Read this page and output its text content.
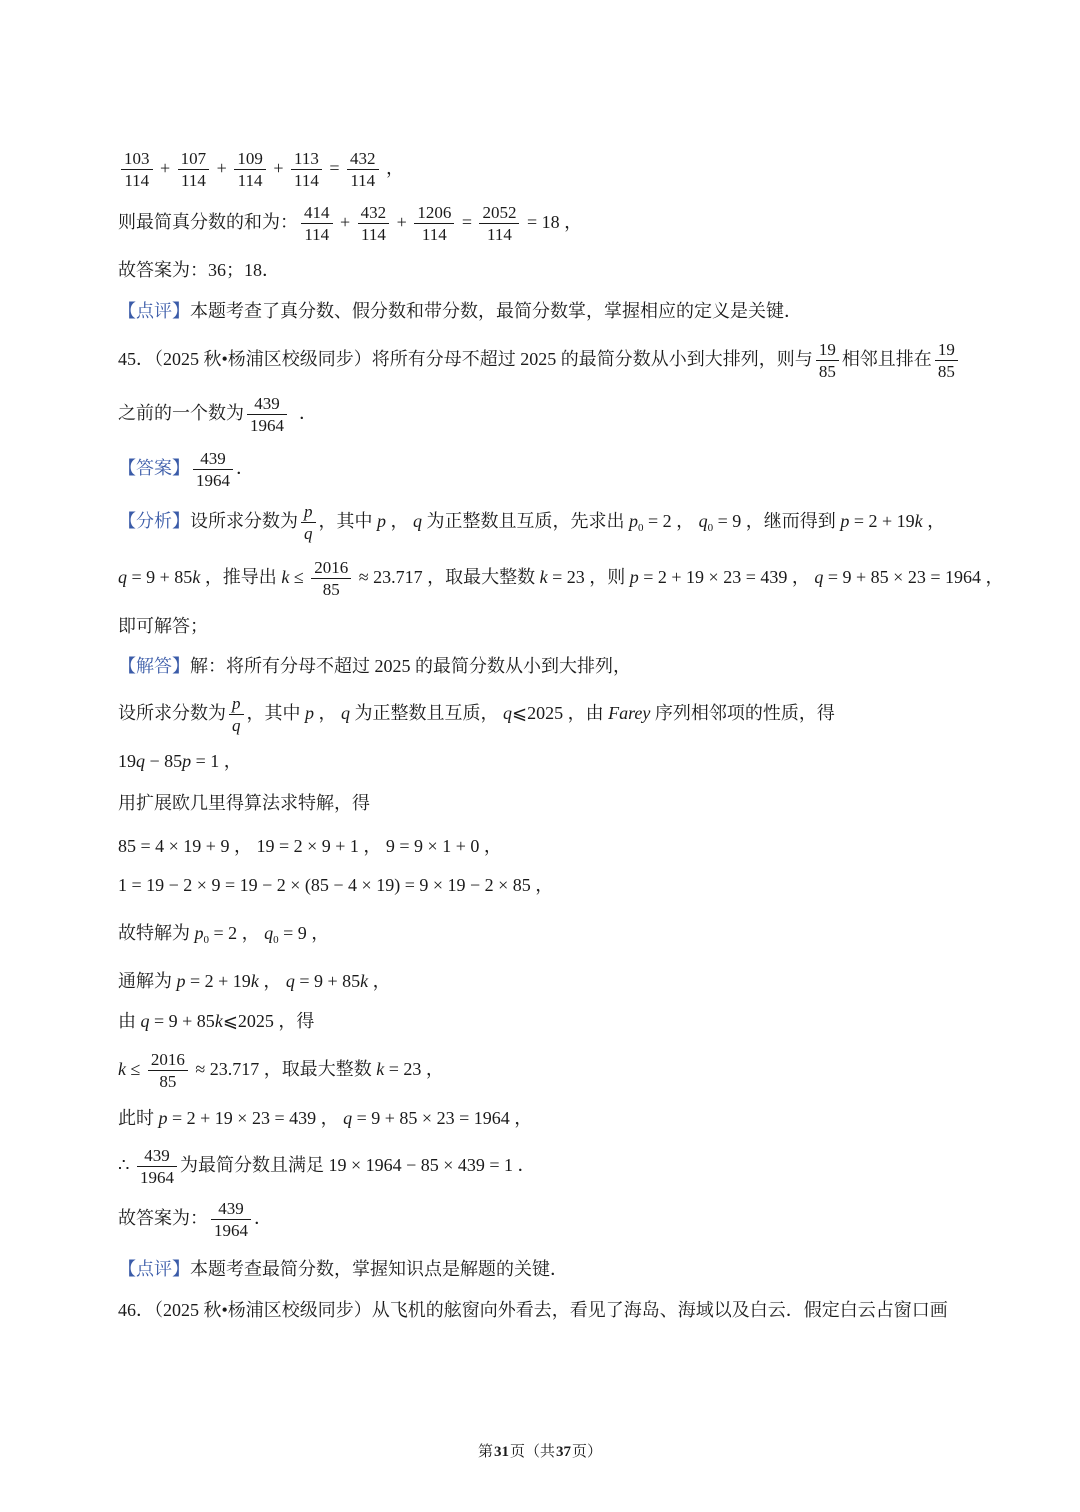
$\frac{103}{114} + \frac{107}{114} + \frac{109}{114} + \frac{113}{114} = \frac{432}{114}$ ，
则最简真分数的和为： $\frac{414}{114} + \frac{432}{114} + \frac{1206}{114} = \frac{2052}{114} = 18$ ，
故答案为：36；18．
【点评】本题考查了真分数、假分数和带分数，最简分数掌，掌握相应的定义是关键．
45．（2025 秋•杨浦区校级同步）将所有分母不超过 2025 的最简分数从小到大排列，则与 $\frac{19}{85}$ 相邻且排在 $\frac{19}{85}$
之前的一个数为 $\frac{439}{1964}$ ．
【答案】 $\frac{439}{1964}$ ．
【分析】设所求分数为 $\frac{p}{q}$ ，其中 p ， q 为正整数且互质，先求出 $p_0 = 2$ ， $q_0 = 9$ ，继而得到 p = 2 + 19k ，
q = 9 + 85k ，推导出 $k \le \frac{2016}{85} \approx 23.717$ ，取最大整数 k = 23 ，则 p = 2 + 19 × 23 = 439 ， q = 9 + 85 × 23 = 1964 ，
即可解答；
【解答】解：将所有分母不超过 2025 的最简分数从小到大排列，
设所求分数为 $\frac{p}{q}$ ，其中 p ， q 为正整数且互质， q⩽2025 ，由 Farey 序列相邻项的性质，得
19q − 85p = 1 ，
用扩展欧几里得算法求特解，得
85 = 4 × 19 + 9 ， 19 = 2 × 9 + 1 ， 9 = 9 × 1 + 0 ，
1 = 19 − 2 × 9 = 19 − 2 × (85 − 4 × 19) = 9 × 19 − 2 × 85 ，
故特解为 $p_0 = 2$ ， $q_0 = 9$ ，
通解为 p = 2 + 19k ， q = 9 + 85k ，
由 q = 9 + 85k⩽2025 ，得
$k \le \frac{2016}{85} \approx 23.717$ ，取最大整数 k = 23 ，
此时 p = 2 + 19 × 23 = 439 ， q = 9 + 85 × 23 = 1964 ，
∴ $\frac{439}{1964}$ 为最简分数且满足 19 × 1964 − 85 × 439 = 1 ．
故答案为： $\frac{439}{1964}$ ．
【点评】本题考查最简分数，掌握知识点是解题的关键．
46．（2025 秋•杨浦区校级同步）从飞机的舷窗向外看去，看见了海岛、海域以及白云．假定白云占窗口画
第31页（共37页）
